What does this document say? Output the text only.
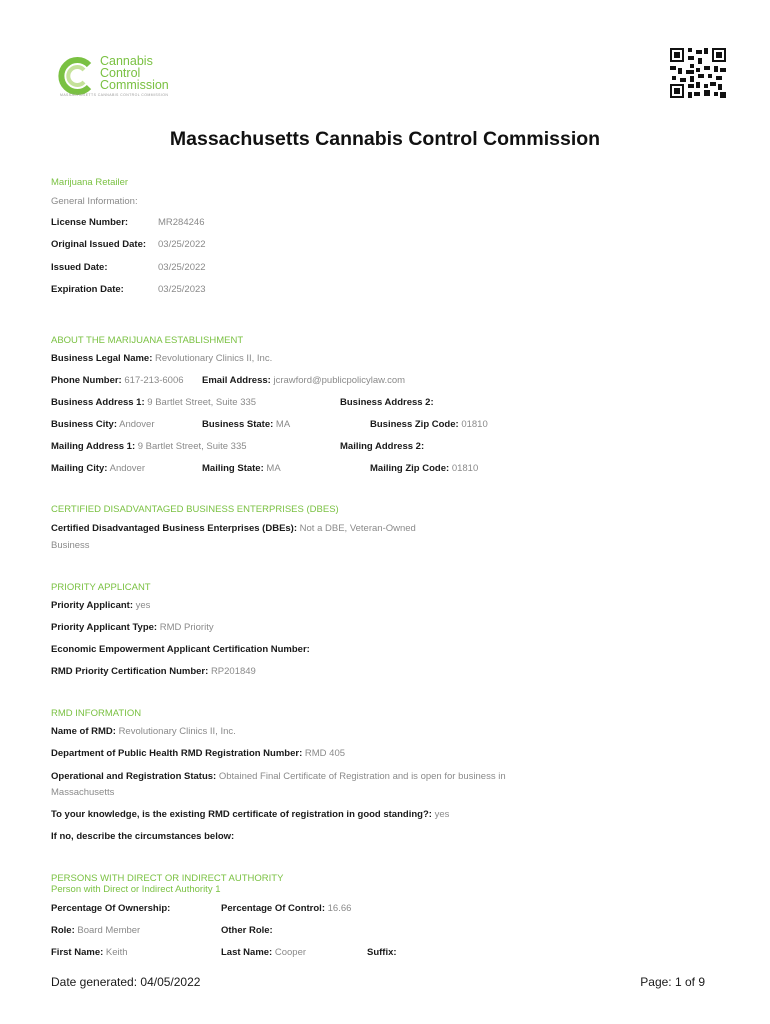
Cannabis
Control
Commission
MASSACHUSETTS CANNABIS CONTROL COMMISSION
Massachusetts Cannabis Control Commission
Marijuana Retailer
General Information:
License Number:	MR284246
Original Issued Date: 03/25/2022
Issued Date:	03/25/2022
Expiration Date:	03/25/2023
ABOUT THE MARIJUANA ESTABLISHMENT
Business Legal Name: Revolutionary Clinics II, Inc.
Phone Number: 617-213-6006 Email Address: jcrawford@publicpolicylaw.com
Business Address 1: 9 Bartlet Street, Suite 335	Business Address 2:
Business City: Andover	Business State: MA	Business Zip Code: 01810
Mailing Address 1: 9 Bartlet Street, Suite 335	Mailing Address 2:
Mailing City: Andover	Mailing State: MA	Mailing Zip Code: 01810
CERTIFIED DISADVANTAGED BUSINESS ENTERPRISES (DBES)
Certified Disadvantaged Business Enterprises (DBEs): Not a DBE, Veteran-Owned
Business
PRIORITY APPLICANT
Priority Applicant: yes
Priority Applicant Type: RMD Priority
Economic Empowerment Applicant Certification Number:
RMD Priority Certification Number: RP201849
RMD INFORMATION
Name of RMD: Revolutionary Clinics II, Inc.
Department of Public Health RMD Registration Number: RMD 405
Operational and Registration Status: Obtained Final Certificate of Registration and is open for business in
Massachusetts
To your knowledge, is the existing RMD certificate of registration in good standing?: yes
If no, describe the circumstances below:
PERSONS WITH DIRECT OR INDIRECT AUTHORITY
Person with Direct or Indirect Authority 1
Percentage Of Ownership:	Percentage Of Control: 16.66
Role: Board Member	Other Role:
First Name: Keith	Last Name: Cooper	Suffix:
Date generated: 04/05/2022	Page: 1 of 9
